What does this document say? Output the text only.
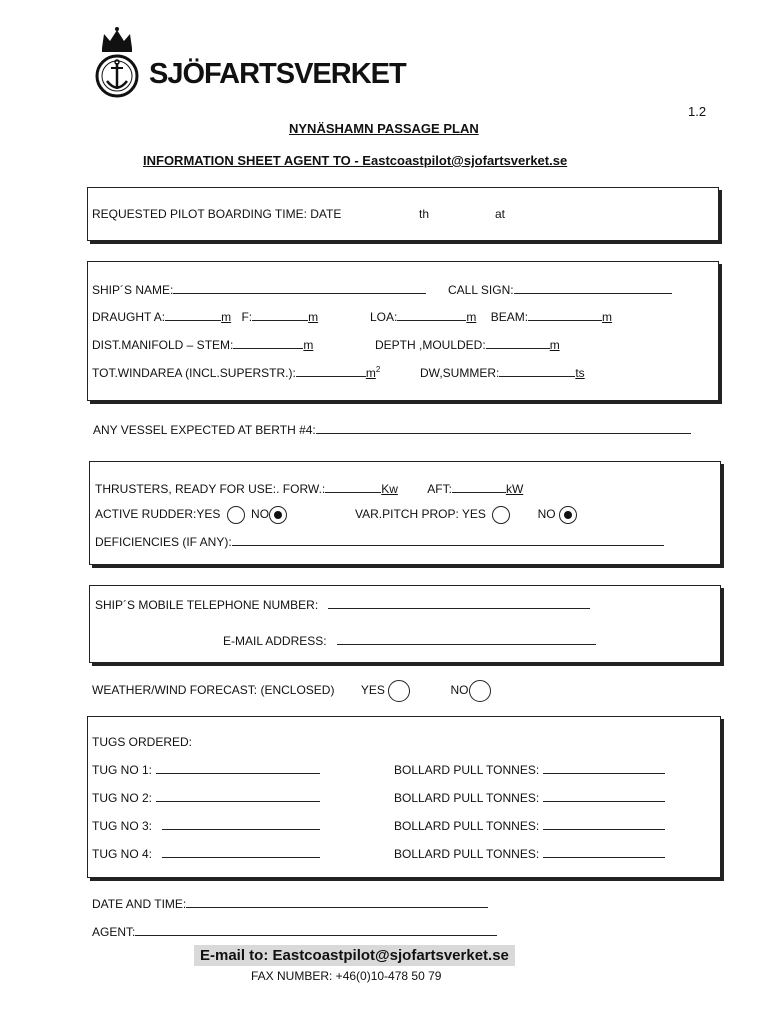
SJÖFARTSVERKET
1.2
NYNÄSHAMN PASSAGE PLAN
INFORMATION SHEET AGENT TO - Eastcoastpilot@sjofartsverket.se
REQUESTED PILOT BOARDING TIME: DATE	th	at
SHIP´S NAME:	CALL SIGN:
DRAUGHT A:	m F:	m	LOA:	m BEAM:	m
DIST.MANIFOLD – STEM:	m	DEPTH ,MOULDED:	m
TOT.WINDAREA (INCL.SUPERSTR.):	$m^2$	DW,SUMMER:	ts
ANY VESSEL EXPECTED AT BERTH #4:
THRUSTERS, READY FOR USE:. FORW.:	Kw AFT:	kW
ACTIVE RUDDER:YES	NO	VAR.PITCH PROP: YES	NO
DEFICIENCIES (IF ANY):
SHIP´S MOBILE TELEPHONE NUMBER:
E-MAIL ADDRESS:
WEATHER/WIND FORECAST: (ENCLOSED) YES	NO
TUGS ORDERED:
TUG NO 1:	BOLLARD PULL TONNES:
TUG NO 2:	BOLLARD PULL TONNES:
TUG NO 3:	BOLLARD PULL TONNES:
TUG NO 4:	BOLLARD PULL TONNES:
DATE AND TIME:
AGENT:
E-mail to: Eastcoastpilot@sjofartsverket.se
FAX NUMBER: +46(0)10-478 50 79
